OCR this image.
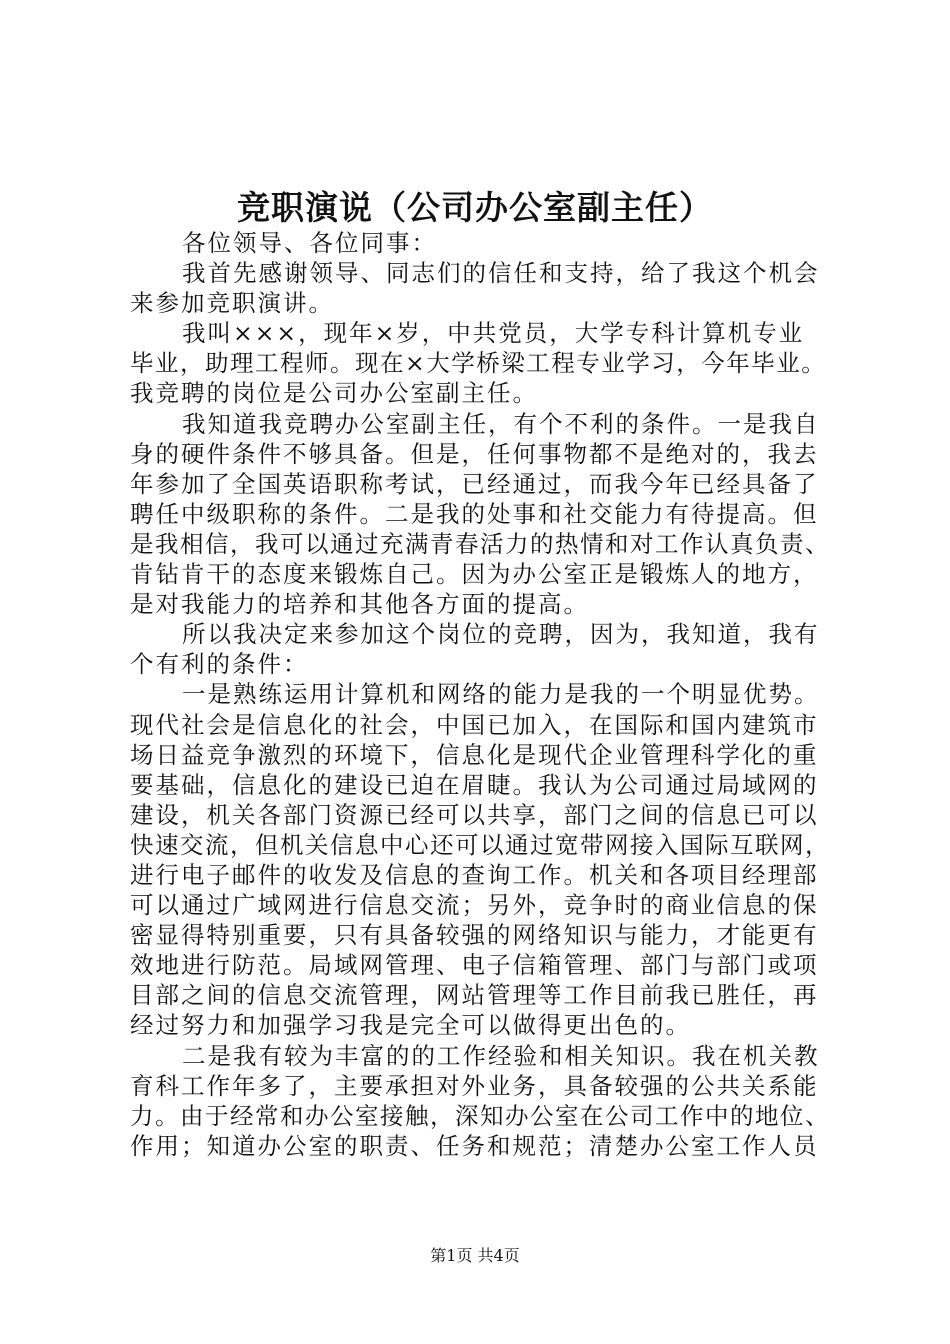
竞职演说（公司办公室副主任）
各位领导、各位同事：
我首先感谢领导、同志们的信任和支持，给了我这个机会
来参加竞职演讲。
我叫×××，现年×岁，中共党员，大学专科计算机专业
毕业，助理工程师。现在×大学桥梁工程专业学习，今年毕业。
我竞聘的岗位是公司办公室副主任。
我知道我竞聘办公室副主任，有个不利的条件。一是我自
身的硬件条件不够具备。但是，任何事物都不是绝对的，我去
年参加了全国英语职称考试，已经通过，而我今年已经具备了
聘任中级职称的条件。二是我的处事和社交能力有待提高。但
是我相信，我可以通过充满青春活力的热情和对工作认真负责、
肯钻肯干的态度来锻炼自己。因为办公室正是锻炼人的地方，
是对我能力的培养和其他各方面的提高。
所以我决定来参加这个岗位的竞聘，因为，我知道，我有
个有利的条件：
一是熟练运用计算机和网络的能力是我的一个明显优势。
现代社会是信息化的社会，中国已加入，在国际和国内建筑市
场日益竞争激烈的环境下，信息化是现代企业管理科学化的重
要基础，信息化的建设已迫在眉睫。我认为公司通过局域网的
建设，机关各部门资源已经可以共享，部门之间的信息已可以
快速交流，但机关信息中心还可以通过宽带网接入国际互联网，
进行电子邮件的收发及信息的查询工作。机关和各项目经理部
可以通过广域网进行信息交流；另外，竞争时的商业信息的保
密显得特别重要，只有具备较强的网络知识与能力，才能更有
效地进行防范。局域网管理、电子信箱管理、部门与部门或项
目部之间的信息交流管理，网站管理等工作目前我已胜任，再
经过努力和加强学习我是完全可以做得更出色的。
二是我有较为丰富的的工作经验和相关知识。我在机关教
育科工作年多了，主要承担对外业务，具备较强的公共关系能
力。由于经常和办公室接触，深知办公室在公司工作中的地位、
作用；知道办公室的职责、任务和规范；清楚办公室工作人员
第1页 共4页
